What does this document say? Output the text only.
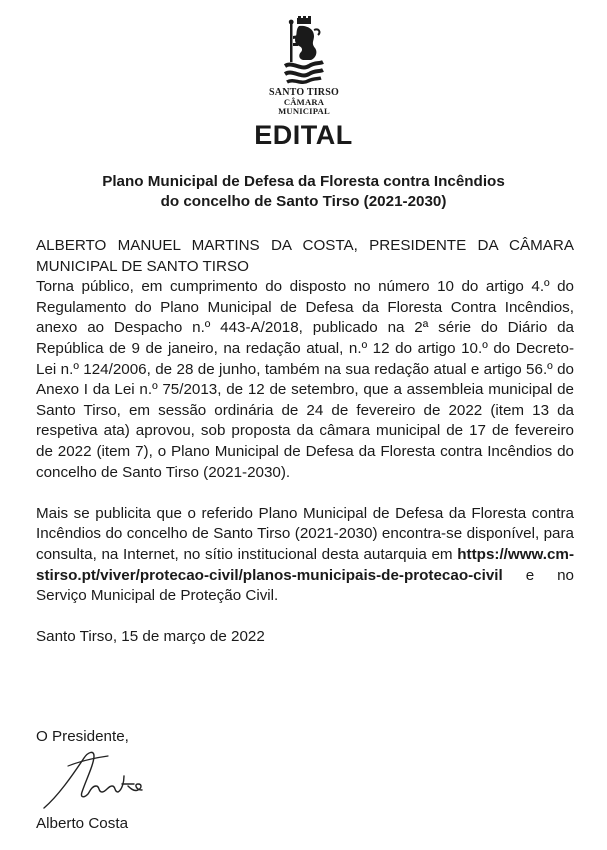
SANTO TIRSO
CÂMARA MUNICIPAL
EDITAL
Plano Municipal de Defesa da Floresta contra Incêndios
do concelho de Santo Tirso (2021-2030)

ALBERTO MANUEL MARTINS DA COSTA, PRESIDENTE DA CÂMARA MUNICIPAL DE SANTO TIRSO

Torna público, em cumprimento do disposto no número 10 do artigo 4.º do Regulamento do Plano Municipal de Defesa da Floresta Contra Incêndios, anexo ao Despacho n.º 443-A/2018, publicado na 2ª série do Diário da República de 9 de janeiro, na redação atual, n.º 12 do artigo 10.º do Decreto-Lei n.º 124/2006, de 28 de junho, também na sua redação atual e artigo 56.º do Anexo I da Lei n.º 75/2013, de 12 de setembro, que a assembleia municipal de Santo Tirso, em sessão ordinária de 24 de fevereiro de 2022 (item 13 da respetiva ata) aprovou, sob proposta da câmara municipal de 17 de fevereiro de 2022 (item 7), o Plano Municipal de Defesa da Floresta contra Incêndios do concelho de Santo Tirso (2021-2030).

Mais se publicita que o referido Plano Municipal de Defesa da Floresta contra Incêndios do concelho de Santo Tirso (2021-2030) encontra-se disponível, para consulta, na Internet, no sítio institucional desta autarquia em https://www.cm-stirso.pt/viver/protecao-civil/planos-municipais-de-protecao-civil e no Serviço Municipal de Proteção Civil.

Santo Tirso, 15 de março de 2022

O Presidente,
Alberto Costa
